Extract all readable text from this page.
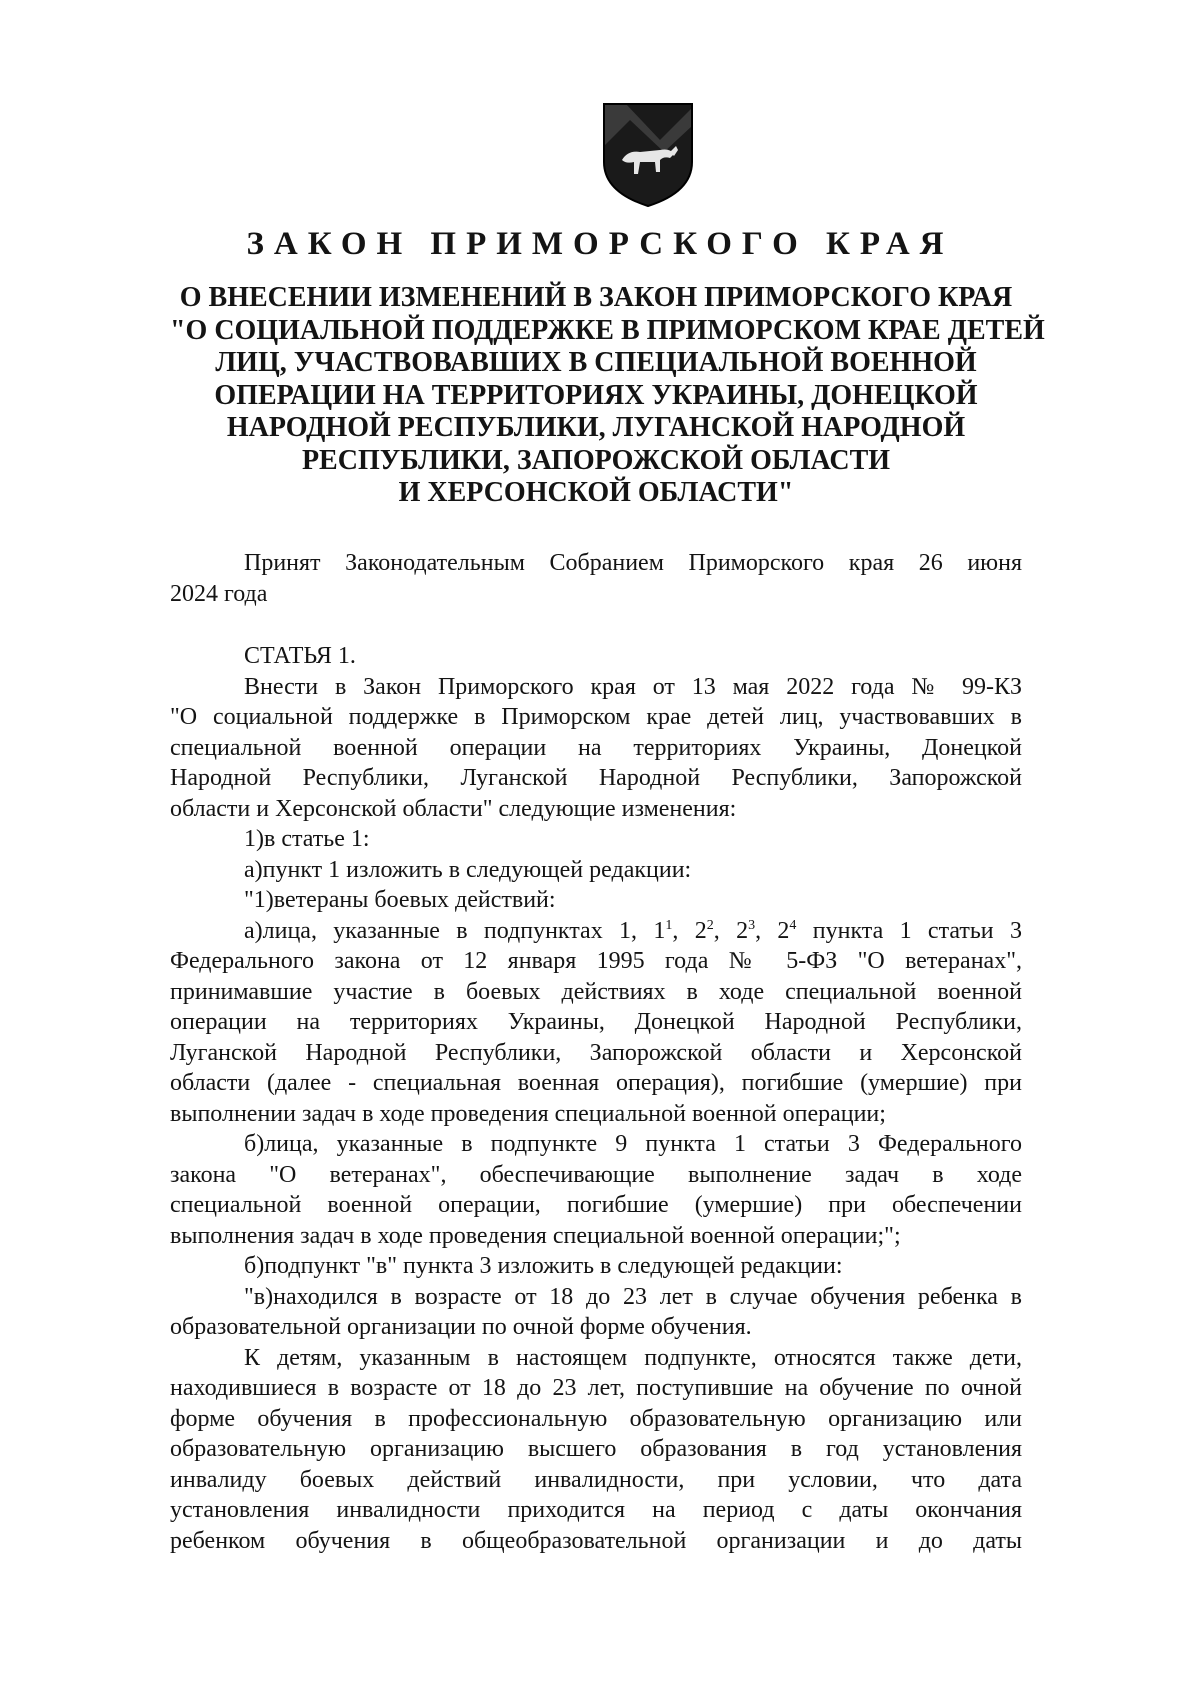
ЗАКОН ПРИМОРСКОГО КРАЯ
О ВНЕСЕНИИ ИЗМЕНЕНИЙ В ЗАКОН ПРИМОРСКОГО КРАЯ
"О СОЦИАЛЬНОЙ ПОДДЕРЖКЕ В ПРИМОРСКОМ КРАЕ ДЕТЕЙ
ЛИЦ, УЧАСТВОВАВШИХ В СПЕЦИАЛЬНОЙ ВОЕННОЙ
ОПЕРАЦИИ НА ТЕРРИТОРИЯХ УКРАИНЫ, ДОНЕЦКОЙ
НАРОДНОЙ РЕСПУБЛИКИ, ЛУГАНСКОЙ НАРОДНОЙ
РЕСПУБЛИКИ, ЗАПОРОЖСКОЙ ОБЛАСТИ
И ХЕРСОНСКОЙ ОБЛАСТИ"
Принят Законодательным Собранием Приморского края 26 июня
2024 года

СТАТЬЯ 1.

Внести в Закон Приморского края от 13 мая 2022 года № 99-КЗ
"О социальной поддержке в Приморском крае детей лиц, участвовавших в
специальной военной операции на территориях Украины, Донецкой
Народной Республики, Луганской Народной Республики, Запорожской
области и Херсонской области" следующие изменения:

1)в статье 1:

а)пункт 1 изложить в следующей редакции:

"1)ветераны боевых действий:

а)лица, указанные в подпунктах 1, $1^1$, $2^2$, $2^3$, $2^4$ пункта 1 статьи 3
Федерального закона от 12 января 1995 года № 5-ФЗ "О ветеранах",
принимавшие участие в боевых действиях в ходе специальной военной
операции на территориях Украины, Донецкой Народной Республики,
Луганской Народной Республики, Запорожской области и Херсонской
области (далее - специальная военная операция), погибшие (умершие) при
выполнении задач в ходе проведения специальной военной операции;

б)лица, указанные в подпункте 9 пункта 1 статьи 3 Федерального
закона "О ветеранах", обеспечивающие выполнение задач в ходе
специальной военной операции, погибшие (умершие) при обеспечении
выполнения задач в ходе проведения специальной военной операции;";

б)подпункт "в" пункта 3 изложить в следующей редакции:

"в)находился в возрасте от 18 до 23 лет в случае обучения ребенка в
образовательной организации по очной форме обучения.

К детям, указанным в настоящем подпункте, относятся также дети,
находившиеся в возрасте от 18 до 23 лет, поступившие на обучение по очной
форме обучения в профессиональную образовательную организацию или
образовательную организацию высшего образования в год установления
инвалиду боевых действий инвалидности, при условии, что дата
установления инвалидности приходится на период с даты окончания
ребенком обучения в общеобразовательной организации и до даты
